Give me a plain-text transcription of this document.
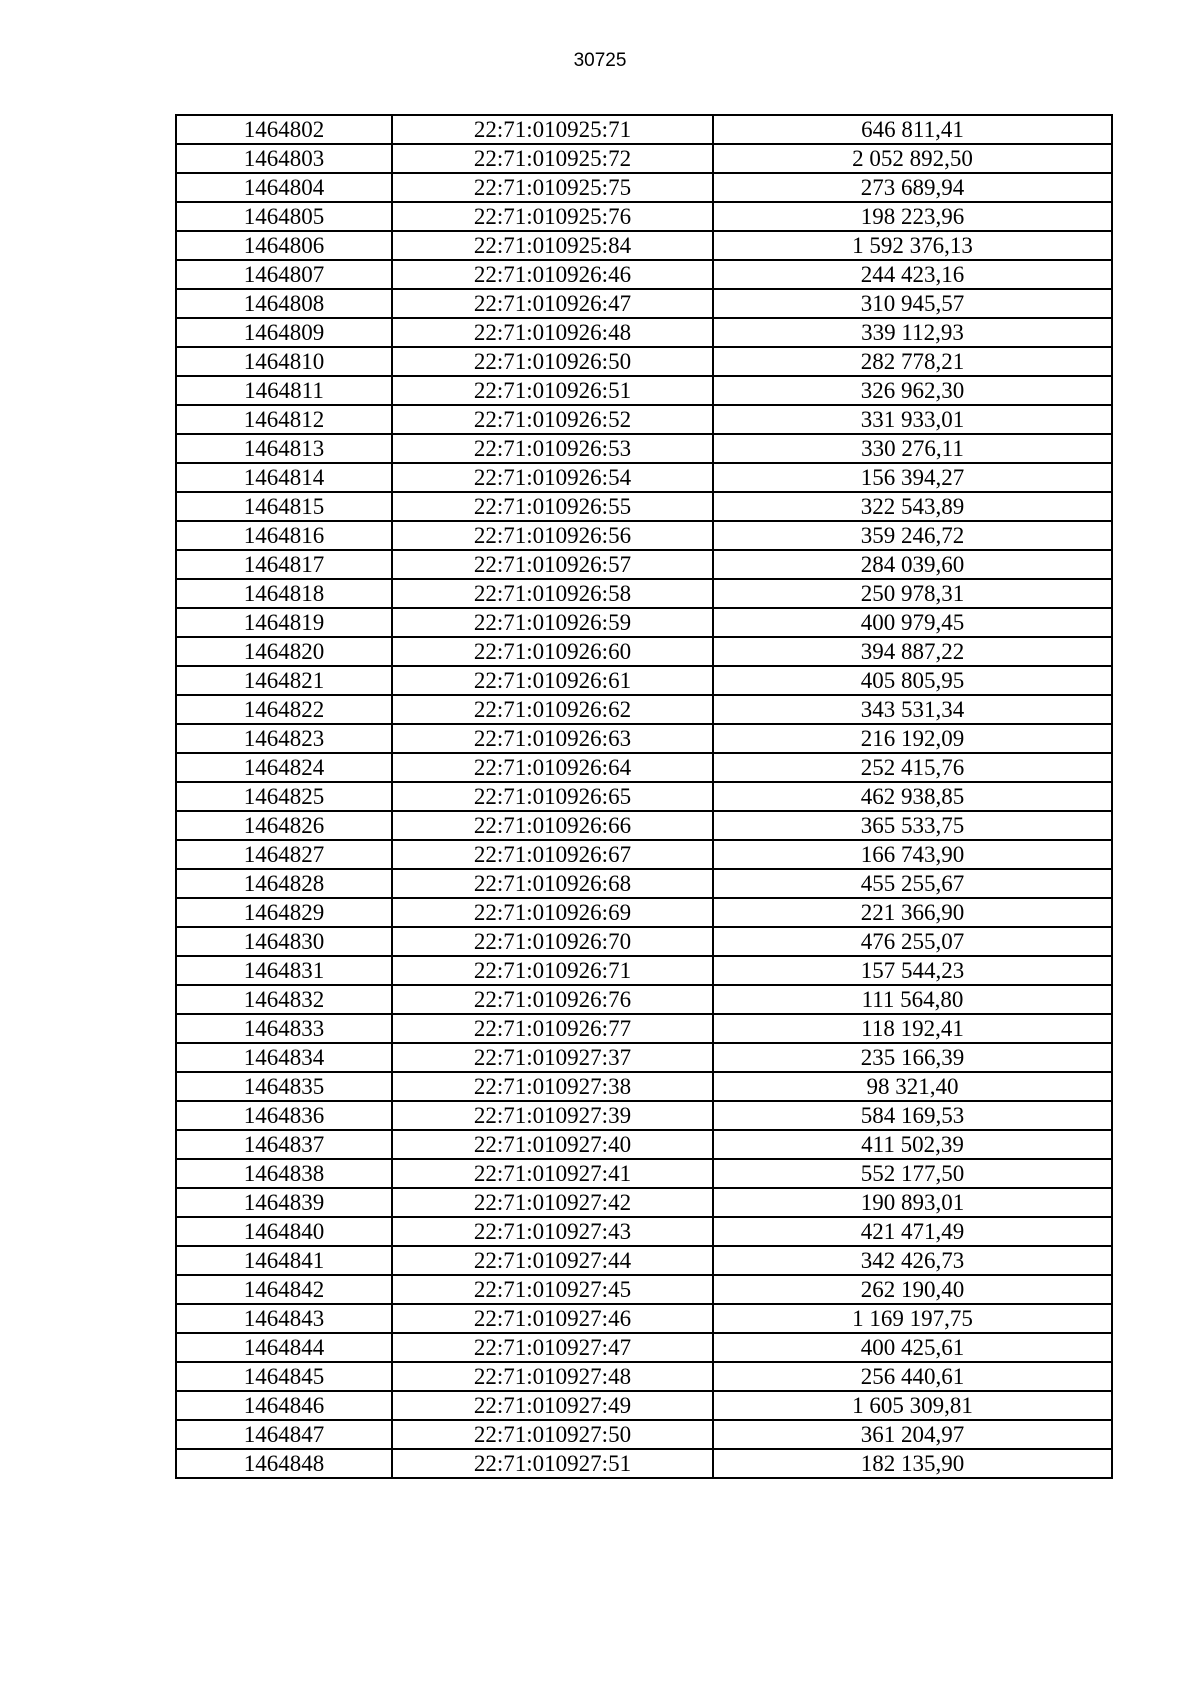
30725
1464802	22:71:010925:71	646 811,41
1464803	22:71:010925:72	2 052 892,50
1464804	22:71:010925:75	273 689,94
1464805	22:71:010925:76	198 223,96
1464806	22:71:010925:84	1 592 376,13
1464807	22:71:010926:46	244 423,16
1464808	22:71:010926:47	310 945,57
1464809	22:71:010926:48	339 112,93
1464810	22:71:010926:50	282 778,21
1464811	22:71:010926:51	326 962,30
1464812	22:71:010926:52	331 933,01
1464813	22:71:010926:53	330 276,11
1464814	22:71:010926:54	156 394,27
1464815	22:71:010926:55	322 543,89
1464816	22:71:010926:56	359 246,72
1464817	22:71:010926:57	284 039,60
1464818	22:71:010926:58	250 978,31
1464819	22:71:010926:59	400 979,45
1464820	22:71:010926:60	394 887,22
1464821	22:71:010926:61	405 805,95
1464822	22:71:010926:62	343 531,34
1464823	22:71:010926:63	216 192,09
1464824	22:71:010926:64	252 415,76
1464825	22:71:010926:65	462 938,85
1464826	22:71:010926:66	365 533,75
1464827	22:71:010926:67	166 743,90
1464828	22:71:010926:68	455 255,67
1464829	22:71:010926:69	221 366,90
1464830	22:71:010926:70	476 255,07
1464831	22:71:010926:71	157 544,23
1464832	22:71:010926:76	111 564,80
1464833	22:71:010926:77	118 192,41
1464834	22:71:010927:37	235 166,39
1464835	22:71:010927:38	98 321,40
1464836	22:71:010927:39	584 169,53
1464837	22:71:010927:40	411 502,39
1464838	22:71:010927:41	552 177,50
1464839	22:71:010927:42	190 893,01
1464840	22:71:010927:43	421 471,49
1464841	22:71:010927:44	342 426,73
1464842	22:71:010927:45	262 190,40
1464843	22:71:010927:46	1 169 197,75
1464844	22:71:010927:47	400 425,61
1464845	22:71:010927:48	256 440,61
1464846	22:71:010927:49	1 605 309,81
1464847	22:71:010927:50	361 204,97
1464848	22:71:010927:51	182 135,90
